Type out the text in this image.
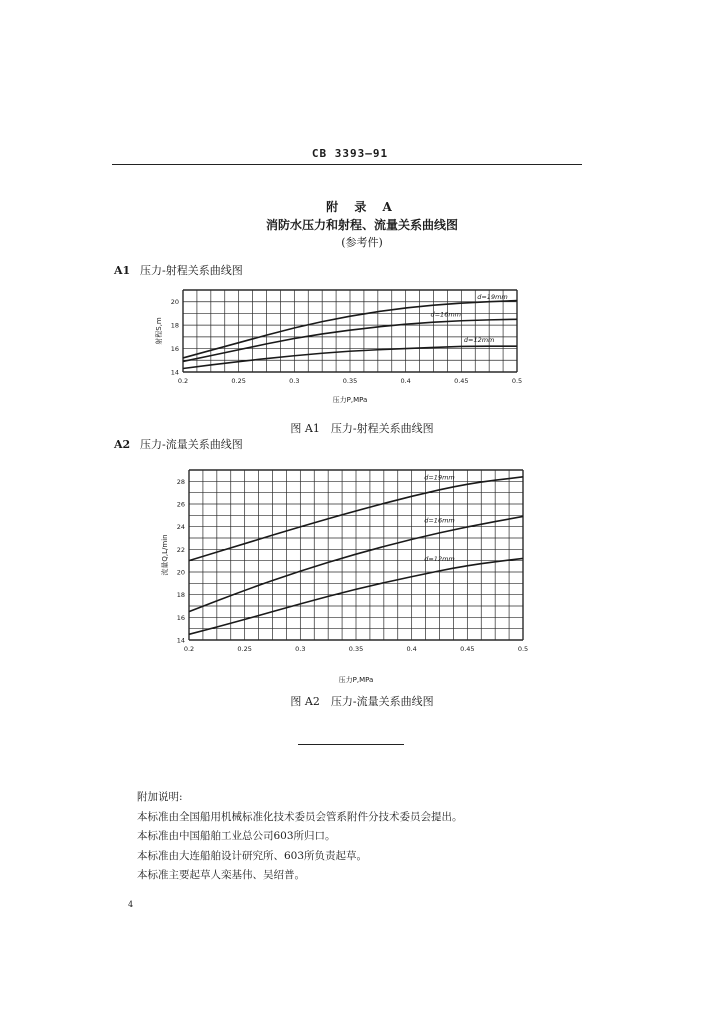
CB 3393—91
附 录 A
消防水压力和射程、流量关系曲线图
(参考件)
A1 压力-射程关系曲线图
0.2	0.25	0.3	0.35	0.4	0.45	0.5
14
16
18
20
压力P,MPa
射程S,m
d=19mm
d=16mm
d=12mm
图 A1　压力-射程关系曲线图
A2 压力-流量关系曲线图
0.2	0.25	0.3	0.35	0.4	0.45	0.5
14
16
18
20
22
24
26
28
压力P,MPa
流量Q,L/min
d=19mm
d=16mm
d=12mm
图 A2　压力-流量关系曲线图
附加说明:
本标准由全国船用机械标准化技术委员会管系附件分技术委员会提出。
本标准由中国船舶工业总公司603所归口。
本标准由大连船舶设计研究所、603所负责起草。
本标准主要起草人栾基伟、吴绍普。
4
